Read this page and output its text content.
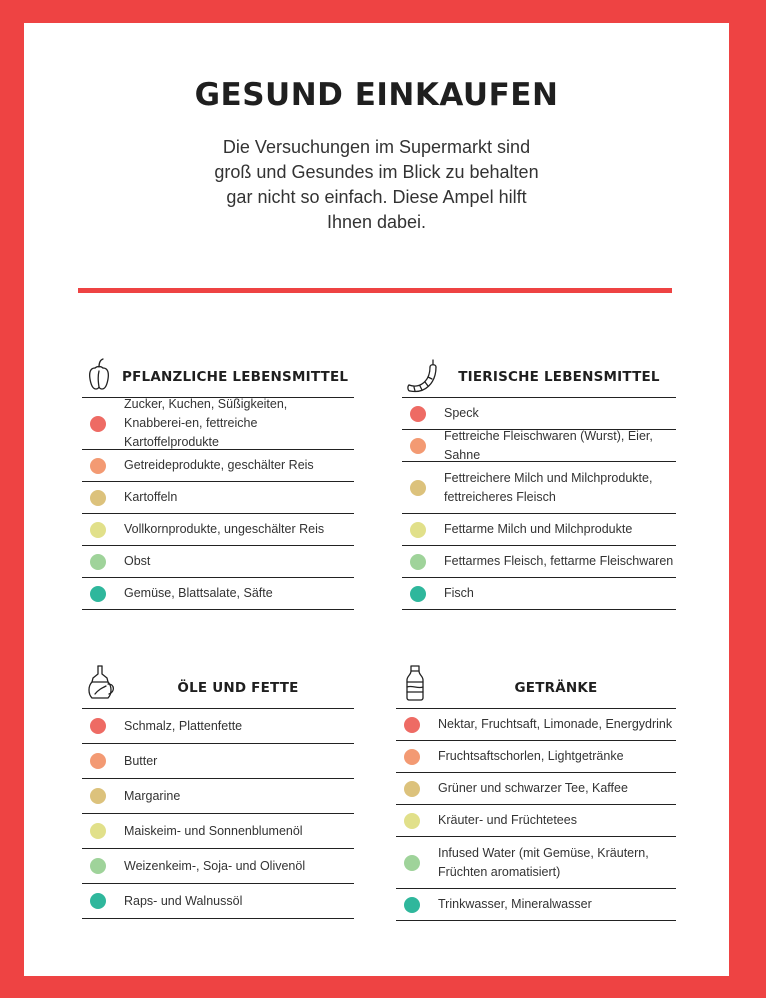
GESUND EINKAUFEN
Die Versuchungen im Supermarkt sind groß und Gesundes im Blick zu behalten gar nicht so einfach. Diese Ampel hilft Ihnen dabei.
PFLANZLICHE LEBENSMITTEL
Zucker, Kuchen, Süßigkeiten, Knabberei-en, fettreiche Kartoffelprodukte
Getreideprodukte, geschälter Reis
Kartoffeln
Vollkornprodukte, ungeschälter Reis
Obst
Gemüse, Blattsalate, Säfte
TIERISCHE LEBENSMITTEL
Speck
Fettreiche Fleischwaren (Wurst), Eier, Sahne
Fettreichere Milch und Milchprodukte, fettreicheres Fleisch
Fettarme Milch und Milchprodukte
Fettarmes Fleisch, fettarme Fleischwaren
Fisch
ÖLE UND FETTE
Schmalz, Plattenfette
Butter
Margarine
Maiskeim- und Sonnenblumenöl
Weizenkeim-, Soja- und Olivenöl
Raps- und Walnussöl
GETRÄNKE
Nektar, Fruchtsaft, Limonade, Energydrink
Fruchtsaftschorlen, Lightgetränke
Grüner und schwarzer Tee, Kaffee
Kräuter- und Früchtetees
Infused Water (mit Gemüse, Kräutern, Früchten aromatisiert)
Trinkwasser, Mineralwasser
